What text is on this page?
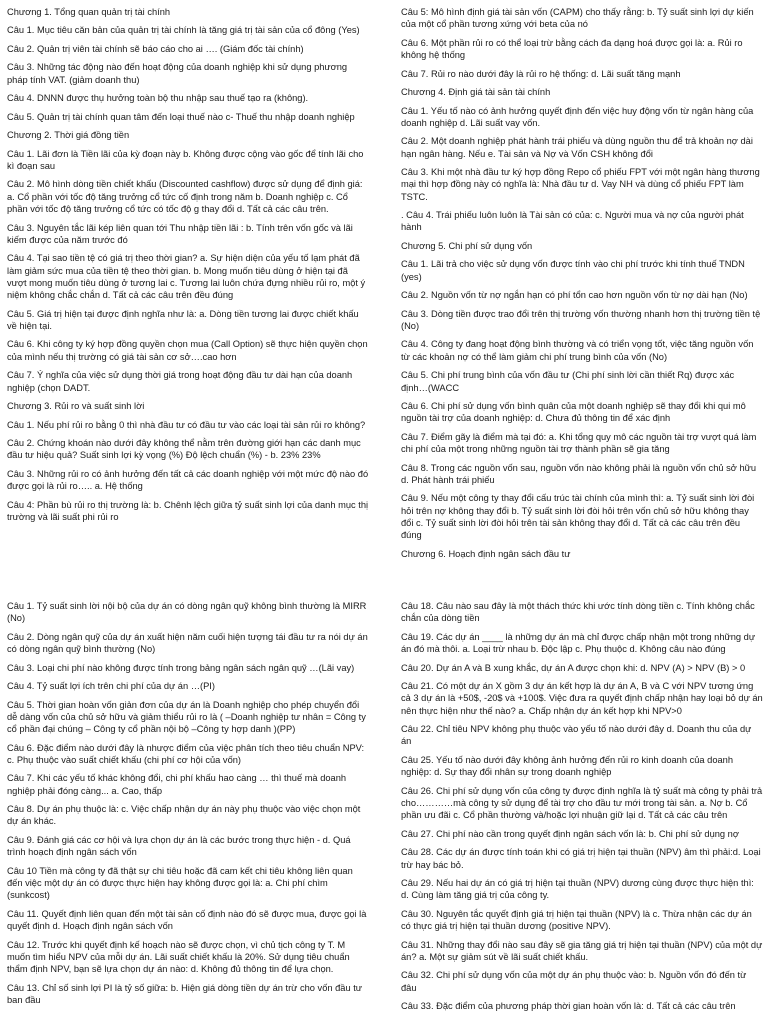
Chương 1. Tổng quan quản trị tài chính

Câu 1. Mục tiêu căn bản của quản trị tài chính là tăng giá trị tài sản của cổ đông (Yes)

Câu 2. Quản trị viên tài chính sẽ báo cáo cho ai …. (Giám đốc tài chính)

Câu 3. Những tác động nào đến hoạt động của doanh nghiệp khi sử dụng phương pháp tính VAT. (giảm doanh thu)

Câu 4. DNNN được thụ hưởng toàn bộ thu nhập sau thuế tạo ra (không).

Câu 5. Quản trị tài chính quan tâm đến loại thuế nào c- Thuế thu nhập doanh nghiệp

Chương 2. Thời giá đồng tiền

Câu 1. Lãi đơn là Tiền lãi của kỳ đoạn này b. Không được cộng vào gốc để tính lãi cho kì đoạn sau

Câu 2. Mô hình dòng tiền chiết khấu (Discounted cashflow) được sử dụng để định giá: a. Cổ phần với tốc độ tăng trưởng cổ tức cố định trong năm b. Doanh nghiệp c. Cổ phần với tốc độ tăng trưởng cổ tức có tốc độ g thay đổi d. Tất cả các câu trên.

Câu 3. Nguyên tắc lãi kép liên quan tới Thu nhập tiền lãi : b. Tính trên vốn gốc và lãi kiếm được của năm trước đó

Câu 4. Tại sao tiền tệ có giá trị theo thời gian? a. Sự hiện diện của yếu tố lạm phát đã làm giảm sức mua của tiền tệ theo thời gian. b. Mong muốn tiêu dùng ở hiện tại đã vượt mong muốn tiêu dùng ở tương lai c. Tương lai luôn chứa đựng nhiều rủi ro, một ý niệm không chắc chắn d. Tất cả các câu trên đều đúng

Câu 5. Giá trị hiện tại được định nghĩa như là: a. Dòng tiền tương lai được chiết khấu về hiện tại.

Câu 6. Khi công ty ký hợp đồng quyền chọn mua (Call Option) sẽ thực hiện quyền chọn của mình nếu thị trường có giá tài sản cơ sở….cao hơn

Câu 7. Ý nghĩa của việc sử dụng thời giá trong hoạt động đầu tư dài hạn của doanh nghiệp (chọn DADT.

Chương 3. Rủi ro và suất sinh lời

Câu 1. Nếu phí rủi ro bằng 0 thì nhà đầu tư có đầu tư vào các loại tài sản rủi ro không?

Câu 2. Chứng khoán nào dưới đây không thể nằm trên đường giới hạn các danh mục đầu tư hiệu quả? Suất sinh lợi kỳ vọng (%) Độ lệch chuẩn (%) - b. 23% 23%

Câu 3. Những rủi ro có ảnh hưởng đến tất cả các doanh nghiệp với một mức độ nào đó được gọi là rủi ro….. a. Hệ thống

Câu 4: Phần bù rủi ro thị trường là: b. Chênh lệch giữa tỷ suất sinh lợi của danh mục thị trường và lãi suất phi rủi ro

Câu 5: Mô hình định giá tài sản vốn (CAPM) cho thấy rằng: b. Tỷ suất sinh lợi dự kiến của một cổ phần tương xứng với beta của nó

Câu 6. Một phần rủi ro có thể loại trừ bằng cách đa dạng hoá được gọi là: a. Rủi ro không hệ thống

Câu 7. Rủi ro nào dưới đây là rủi ro hệ thống: d. Lãi suất tăng mạnh

Chương 4. Định giá tài sản tài chính

Câu 1. Yếu tố nào có ảnh hưởng quyết định đến việc huy động vốn từ ngân hàng của doanh nghiệp d. Lãi suất vay vốn.

Câu 2. Một doanh nghiệp phát hành trái phiếu và dùng nguồn thu để trả khoản nợ dài hạn ngân hàng. Nếu e. Tài sản và Nợ và Vốn CSH không đổi

Câu 3. Khi một nhà đầu tư ký hợp đồng Repo cổ phiếu FPT với một ngân hàng thương mại thì hợp đồng này có nghĩa là: Nhà đầu tư d. Vay NH và dùng cổ phiếu FPT làm TSTC.

. Câu 4. Trái phiếu luôn luôn là Tài sản có của: c. Người mua và nợ của người phát hành

Chương 5. Chi phí sử dụng vốn

Câu 1. Lãi trả cho việc sử dụng vốn được tính vào chi phí trước khi tính thuế TNDN (yes)

Câu 2. Nguồn vốn từ nợ ngắn hạn có phí tổn cao hơn nguồn vốn từ nợ dài hạn (No)

Câu 3. Dòng tiền được trao đổi trên thị trường vốn thường nhanh hơn thị trường tiền tệ (No)

Câu 4. Công ty đang hoạt động bình thường và có triển vọng tốt, việc tăng nguồn vốn từ các khoản nợ có thể làm giảm chi phí trung bình của vốn (No)

Câu 5. Chi phí trung bình của vốn đầu tư (Chi phí sinh lời cần thiết Rq) được xác định…(WACC

Câu 6. Chi phí sử dụng vốn bình quân của một doanh nghiệp sẽ thay đổi khi qui mô nguồn tài trợ của doanh nghiệp: d. Chưa đủ thông tin để xác định

Câu 7. Điểm gãy là điểm mà tại đó: a. Khi tổng quy mô các nguồn tài trợ vượt quá làm chi phí của một trong những nguồn tài trợ thành phần sẽ gia tăng

Câu 8. Trong các nguồn vốn sau, nguồn vốn nào không phải là nguồn vốn chủ sở hữu d. Phát hành trái phiếu

Câu 9. Nếu một công ty thay đổi cấu trúc tài chính của mình thì: a. Tỷ suất sinh lời đòi hỏi trên nợ không thay đổi b. Tỷ suất sinh lời đòi hỏi trên vốn chủ sở hữu không thay đổi c. Tỷ suất sinh lời đòi hỏi trên tài sản không thay đổi d. Tất cả các câu trên đều đúng

Chương 6. Hoạch định ngân sách đầu tư

Câu 1. Tỷ suất sinh lời nội bộ của dự án có dòng ngân quỹ không bình thường là MIRR (No)

Câu 2. Dòng ngân quỹ của dự án xuất hiện năm cuối hiện tượng tái đầu tư ra nói dự án có dòng ngân quỹ bình thường (No)

Câu 3. Loại chi phí nào không được tính trong bảng ngân sách ngân quỹ …(Lãi vay)

Câu 4. Tỷ suất lợi ích trên chi phí của dự án …(PI)

Câu 5. Thời gian hoàn vốn giản đơn của dự án là Doanh nghiệp cho phép chuyển đổi dễ dàng vốn của chủ sở hữu và giảm thiểu rủi ro là ( –Doanh nghiệp tư nhân = Công ty cổ phần đại chúng – Công ty cổ phần nội bộ –Công ty hợp danh )(PP)

Câu 6. Đặc điểm nào dưới đây là nhược điểm của việc phân tích theo tiêu chuẩn NPV: c. Phụ thuộc vào suất chiết khấu (chi phí cơ hội của vốn)

Câu 7. Khi các yếu tố khác không đổi, chi phí khấu hao càng … thì thuế mà doanh nghiệp phải đóng càng... a. Cao, thấp

Câu 8. Dự án phụ thuộc là: c. Việc chấp nhận dự án này phụ thuộc vào việc chọn một dự án khác.

Câu 9. Đánh giá các cơ hội và lựa chọn dự án là các bước trong thực hiện - d. Quá trình hoạch định ngân sách vốn

Câu 10 Tiền mà công ty đã thật sự chi tiêu hoặc đã cam kết chi tiêu không liên quan đến việc một dự án có được thực hiện hay không được gọi là: a. Chi phí chìm (sunkcost)

Câu 11. Quyết định liên quan đến một tài sản cố định nào đó sẽ được mua, được gọi là quyết định d. Hoạch định ngân sách vốn

Câu 12. Trước khi quyết định kế hoạch nào sẽ được chọn, vì chủ tịch công ty T. M muốn tìm hiểu NPV của mỗi dự án. Lãi suất chiết khấu là 20%. Sử dụng tiêu chuẩn thẩm định NPV, bạn sẽ lựa chọn dự án nào: d. Không đủ thông tin để lựa chọn.

Câu 13. Chỉ số sinh lợi PI là tỷ số giữa: b. Hiện giá dòng tiền dự án trừ cho vốn đầu tư ban đầu

Câu 18. Câu nào sau đây là một thách thức khi ước tính dòng tiền c. Tính không chắc chắn của dòng tiền

Câu 19. Các dự án ____ là những dự án mà chỉ được chấp nhận một trong những dự án đó mà thôi. a. Loại trừ nhau b. Độc lập c. Phụ thuộc d. Không câu nào đúng

Câu 20. Dự án A và B xung khắc, dự án A được chọn khi: d. NPV (A) > NPV (B) > 0

Câu 21. Có một dự án X gồm 3 dự án kết hợp là dự án A, B và C với NPV tương ứng cả 3 dự án là +50$, -20$ và +100$. Việc đưa ra quyết định chấp nhận hay loại bỏ dự án nên thực hiện như thế nào? a. Chấp nhận dự án kết hợp khi NPV>0

Câu 22. Chỉ tiêu NPV không phụ thuộc vào yếu tố nào dưới đây d. Doanh thu của dự án

Câu 25. Yếu tố nào dưới đây không ảnh hưởng đến rủi ro kinh doanh của doanh nghiệp: d. Sự thay đổi nhân sự trong doanh nghiệp

Câu 26. Chi phí sử dụng vốn của công ty được định nghĩa là tỷ suất mà công ty phải trả cho…………mà công ty sử dụng để tài trợ cho đầu tư mới trong tài sản. a. Nợ b. Cổ phần ưu đãi c. Cổ phần thường và/hoặc lợi nhuận giữ lại d. Tất cả các câu trên

Câu 27. Chi phí nào cần trong quyết định ngân sách vốn là: b. Chi phí sử dụng nợ

Câu 28. Các dự án được tính toán khi có giá trị hiện tại thuần (NPV) âm thì phải:d. Loại trừ hay bác bỏ.

Câu 29. Nếu hai dự án có giá trị hiện tại thuần (NPV) dương cùng được thực hiện thì: d. Cùng làm tăng giá trị của công ty.

Câu 30. Nguyên tắc quyết định giá trị hiện tại thuần (NPV) là c. Thừa nhận các dự án có thực giá trị hiện tại thuần dương (positive NPV).

Câu 31. Những thay đổi nào sau đây sẽ gia tăng giá trị hiện tại thuần (NPV) của một dự án? a. Một sự giảm sút về lãi suất chiết khấu.

Câu 32. Chi phí sử dụng vốn của một dự án phụ thuộc vào: b. Nguồn vốn đó đến từ đâu

Câu 33. Đặc điểm của phương pháp thời gian hoàn vốn là: d. Tất cả các câu trên
